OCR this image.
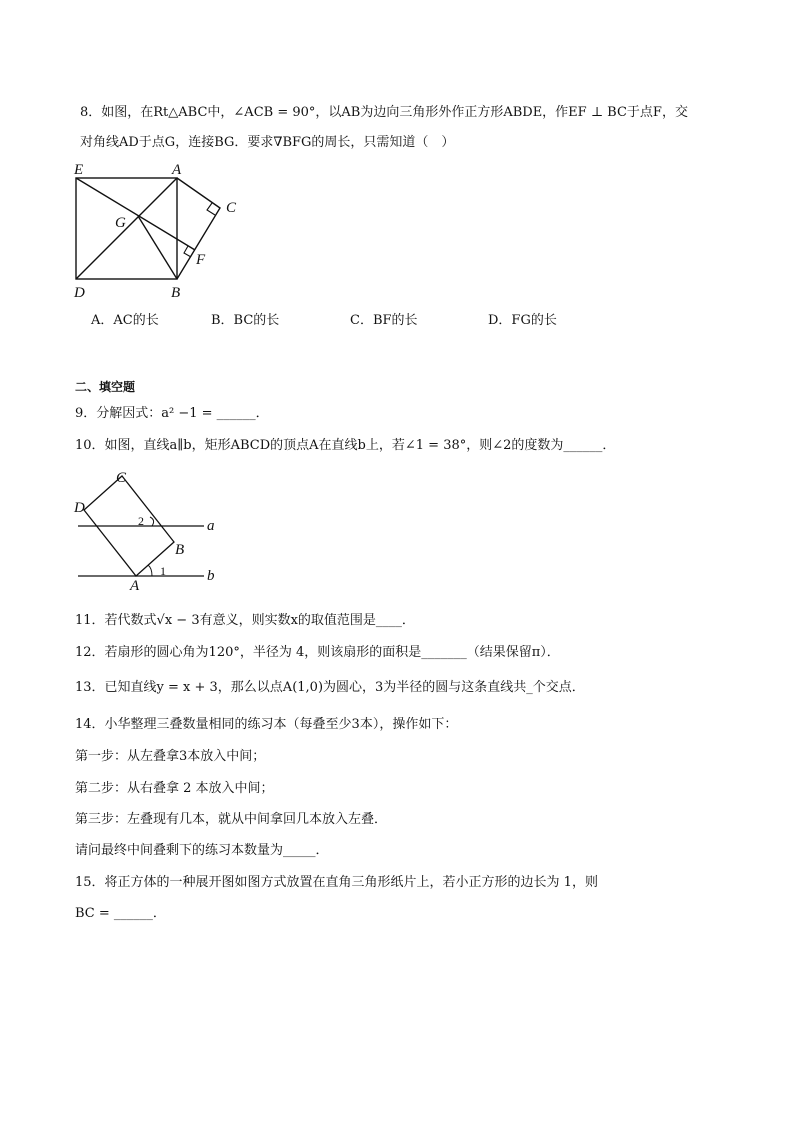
8．如图，在Rt△ABC中，∠ACB = 90°，以AB为边向三角形外作正方形ABDE，作EF ⊥ BC于点F，交
对角线AD于点G，连接BG．要求∇BFG的周长，只需知道（　）
E	A
C
G
F
D	B
A．AC的长	B．BC的长	C．BF的长	D．FG的长
二、填空题
9．分解因式：a² −1 = ______．
10．如图，直线a∥b，矩形ABCD的顶点A在直线b上，若∠1 = 38°，则∠2的度数为______．
C
D
2	a
B
1	b
A
11．若代数式√x − 3有意义，则实数x的取值范围是____．
12．若扇形的圆心角为120°，半径为 4，则该扇形的面积是_______（结果保留π）．
13．已知直线y = x + 3，那么以点A(1,0)为圆心，3为半径的圆与这条直线共_个交点．
14．小华整理三叠数量相同的练习本（每叠至少3本），操作如下：
第一步：从左叠拿3本放入中间；
第二步：从右叠拿 2 本放入中间；
第三步：左叠现有几本，就从中间拿回几本放入左叠．
请问最终中间叠剩下的练习本数量为_____．
15．将正方体的一种展开图如图方式放置在直角三角形纸片上，若小正方形的边长为 1，则
BC = ______．
